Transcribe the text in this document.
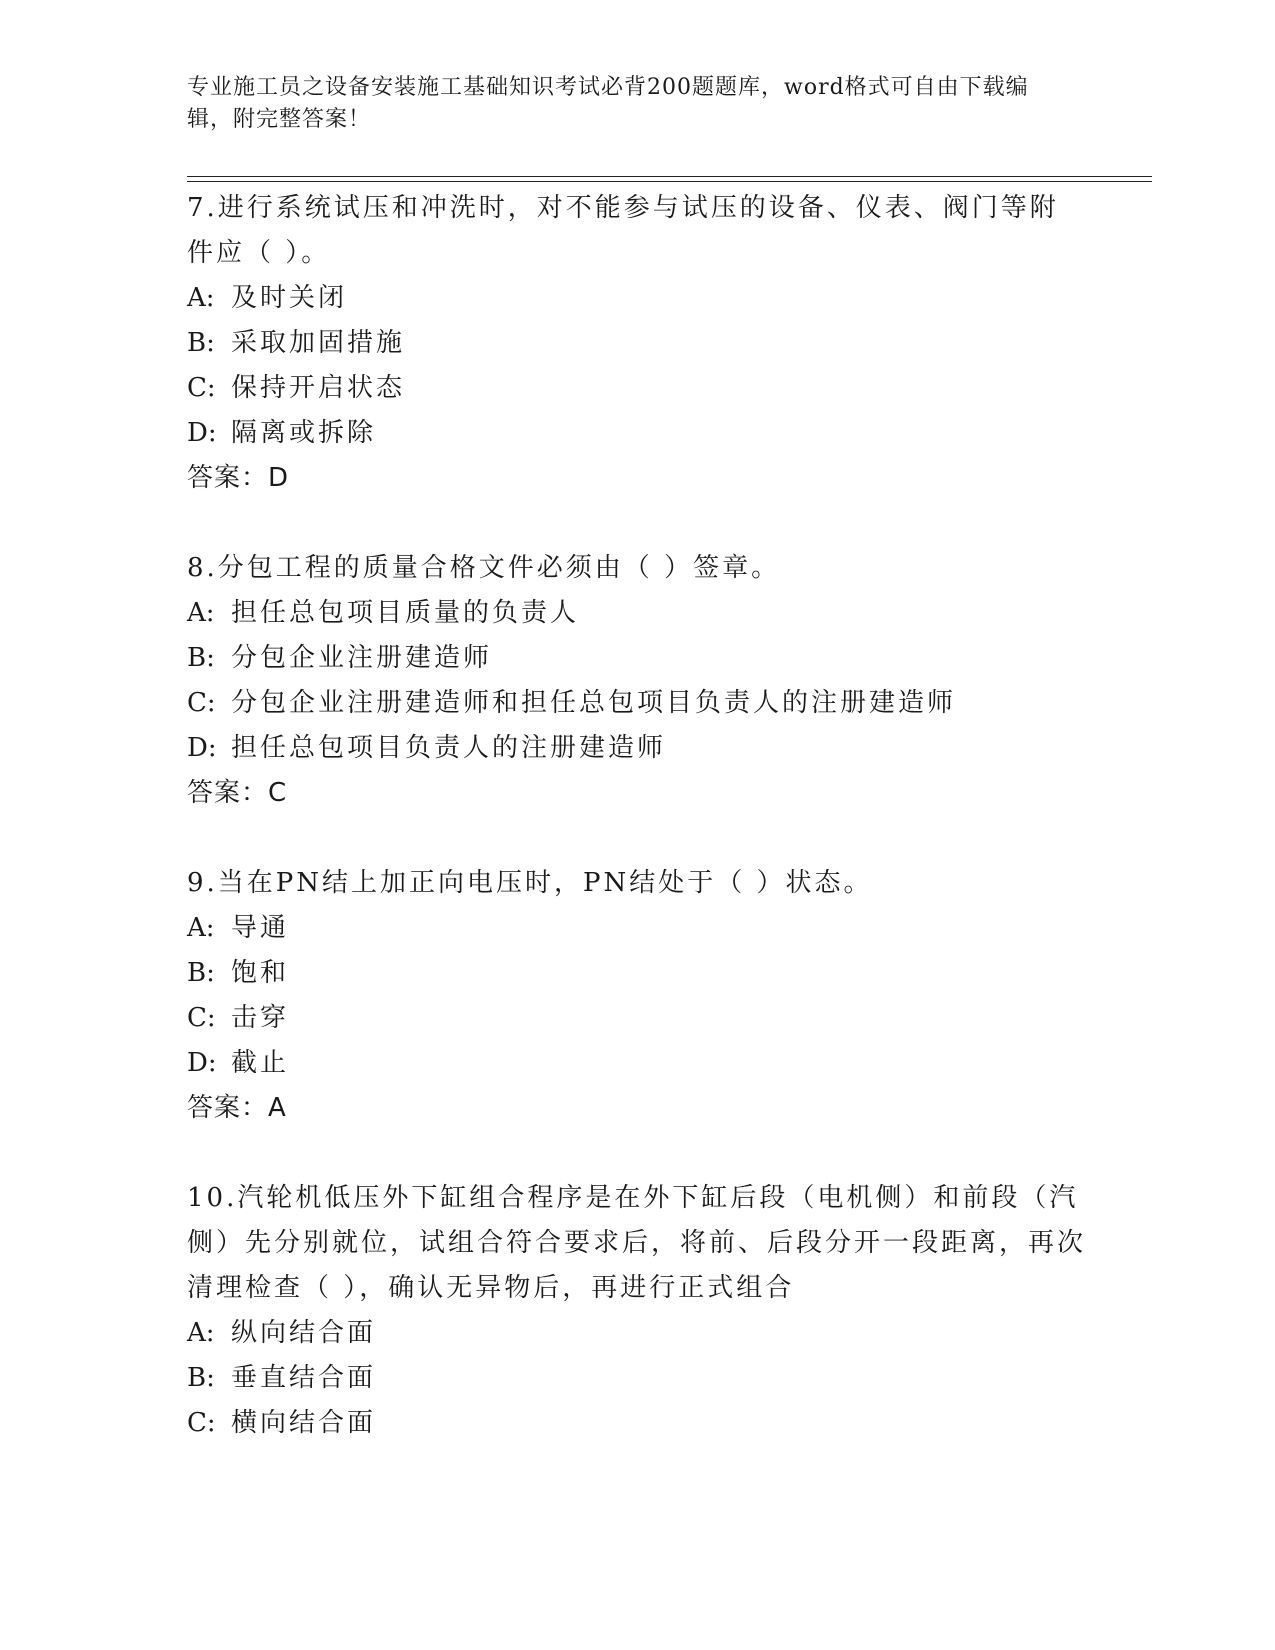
专业施工员之设备安装施工基础知识考试必背200题题库，word格式可自由下载编辑，附完整答案！
7.进行系统试压和冲洗时，对不能参与试压的设备、仪表、阀门等附件应（ ）。
A: 及时关闭
B: 采取加固措施
C: 保持开启状态
D: 隔离或拆除
答案：D
8.分包工程的质量合格文件必须由（ ）签章。
A: 担任总包项目质量的负责人
B: 分包企业注册建造师
C: 分包企业注册建造师和担任总包项目负责人的注册建造师
D: 担任总包项目负责人的注册建造师
答案：C
9.当在PN结上加正向电压时，PN结处于（ ）状态。
A: 导通
B: 饱和
C: 击穿
D: 截止
答案：A
10.汽轮机低压外下缸组合程序是在外下缸后段（电机侧）和前段（汽侧）先分别就位，试组合符合要求后，将前、后段分开一段距离，再次清理检查（ ），确认无异物后，再进行正式组合
A: 纵向结合面
B: 垂直结合面
C: 横向结合面
